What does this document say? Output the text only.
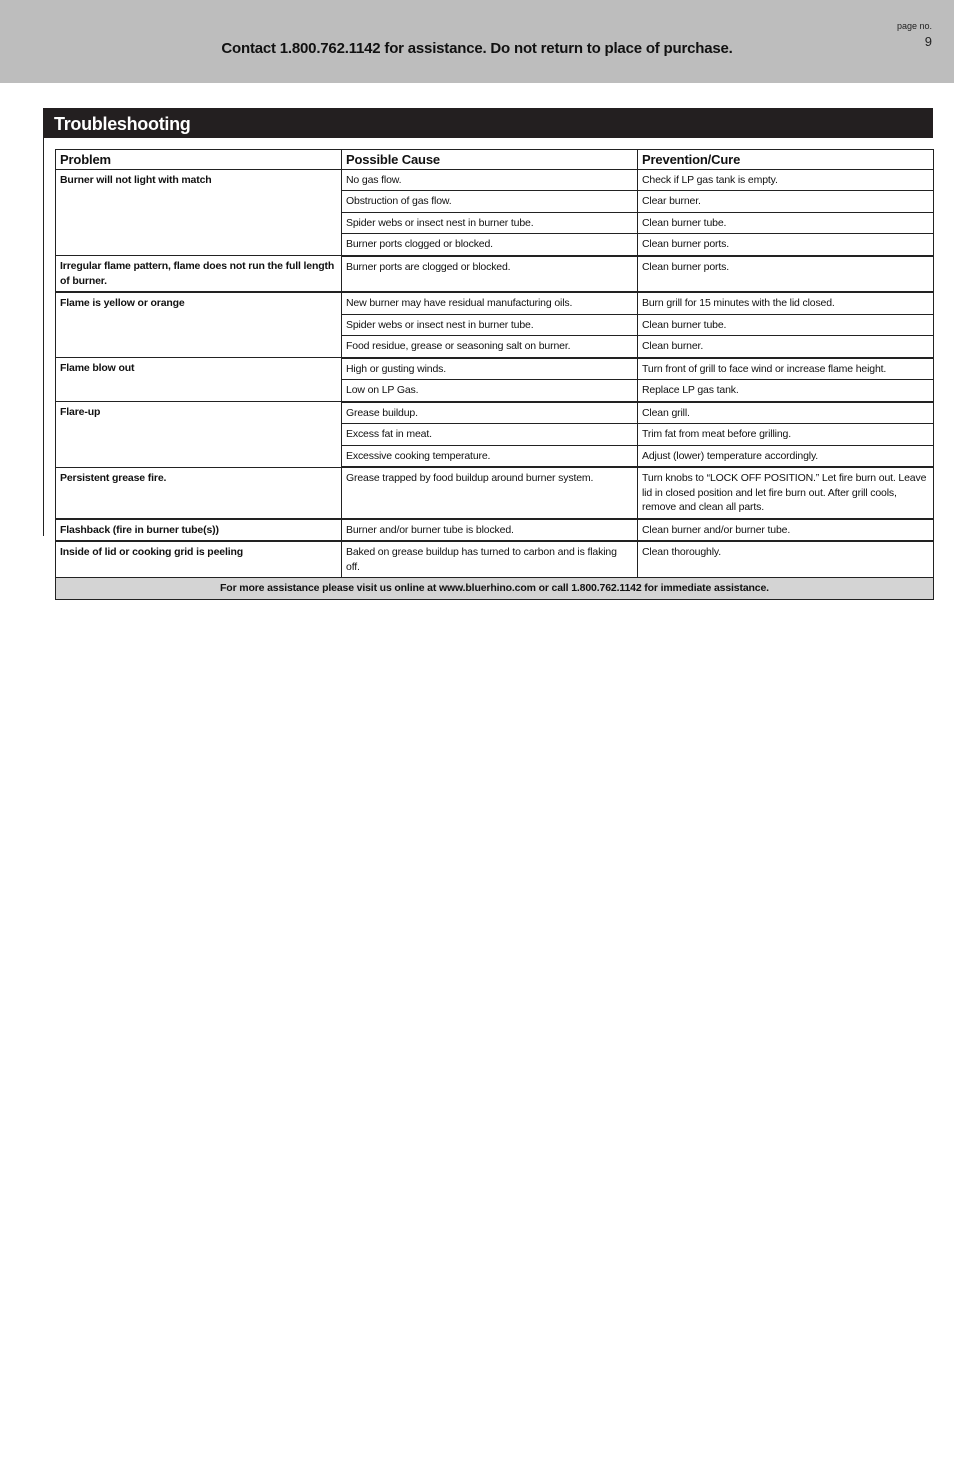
Contact 1.800.762.1142 for assistance. Do not return to place of purchase.
page no.
9
Troubleshooting
Problem	Possible Cause	Prevention/Cure
Burner will not light with match	No gas flow.	Check if LP gas tank is empty.
	Obstruction of gas flow.	Clear burner.
	Spider webs or insect nest in burner tube.	Clean burner tube.
	Burner ports clogged or blocked.	Clean burner ports.
Irregular flame pattern, flame does not run the full length of burner.	Burner ports are clogged or blocked.	Clean burner ports.
Flame is yellow or orange	New burner may have residual manufacturing oils.	Burn grill for 15 minutes with the lid closed.
	Spider webs or insect nest in burner tube.	Clean burner tube.
	Food residue, grease or seasoning salt on burner.	Clean burner.
Flame blow out	High or gusting winds.	Turn front of grill to face wind or increase flame height.
	Low on LP Gas.	Replace LP gas tank.
Flare-up	Grease buildup.	Clean grill.
	Excess fat in meat.	Trim fat from meat before grilling.
	Excessive cooking temperature.	Adjust (lower) temperature accordingly.
Persistent grease fire.	Grease trapped by food buildup around burner system.	Turn knobs to “LOCK OFF POSITION.” Let fire burn out. Leave lid in closed position and let fire burn out. After grill cools, remove and clean all parts.
Flashback (fire in burner tube(s))	Burner and/or burner tube is blocked.	Clean burner and/or burner tube.
Inside of lid or cooking grid is peeling	Baked on grease buildup has turned to carbon and is flaking off.	Clean thoroughly.
For more assistance please visit us online at www.bluerhino.com or call 1.800.762.1142 for immediate assistance.		
